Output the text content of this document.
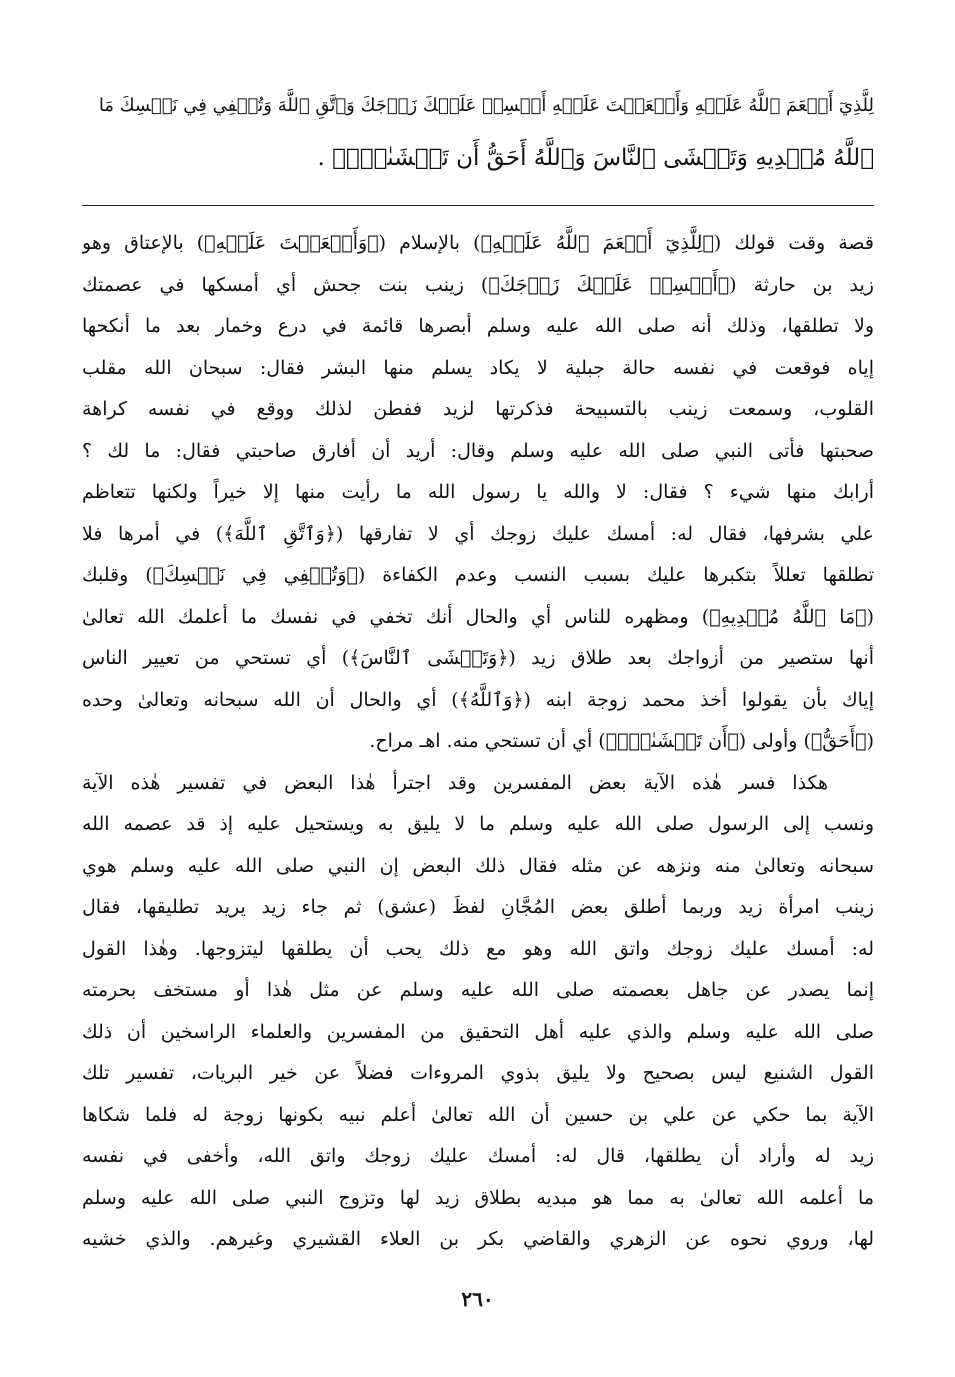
لِلَّذِيٓ أَنۡعَمَ ٱللَّهُ عَلَيۡهِ وَأَنۡعَمۡتَ عَلَيۡهِ أَمۡسِكۡ عَلَيۡكَ زَوۡجَكَ وَٱتَّقِ ٱللَّهَ وَتُخۡفِي فِي نَفۡسِكَ مَا
ٱللَّهُ مُبۡدِيهِ وَتَخۡشَى ٱلنَّاسَ وَٱللَّهُ أَحَقُّ أَن تَخۡشَىٰهُۖ﴾ .
قصة وقت قولك (﴿لِلَّذِيٓ أَنۡعَمَ ٱللَّهُ عَلَيۡهِ﴾) بالإسلام (﴿وَأَنۡعَمۡتَ عَلَيۡهِ﴾) بالإعتاق وهو
زيد بن حارثة (﴿أَمۡسِكۡ عَلَيۡكَ زَوۡجَكَ﴾) زينب بنت جحش أي أمسكها في عصمتك
ولا تطلقها، وذلك أنه صلى الله عليه وسلم أبصرها قائمة في درع وخمار بعد ما أنكحها
إياه فوقعت في نفسه حالة جبلية لا يكاد يسلم منها البشر فقال: سبحان الله مقلب
القلوب، وسمعت زينب بالتسبيحة فذكرتها لزيد ففطن لذلك ووقع في نفسه كراهة
صحبتها فأتى النبي صلى الله عليه وسلم وقال: أريد أن أفارق صاحبتي فقال: ما لك ؟
أرابك منها شيء ؟ فقال: لا والله يا رسول الله ما رأيت منها إلا خيراً ولكنها تتعاظم
علي بشرفها، فقال له: أمسك عليك زوجك أي لا تفارقها (﴿وَٱتَّقِ ٱللَّهَ﴾) في أمرها فلا
تطلقها تعللاً بتكبرها عليك بسبب النسب وعدم الكفاءة (﴿وَتُخۡفِي فِي نَفۡسِكَ﴾) وقلبك
(﴿مَا ٱللَّهُ مُبۡدِيهِ﴾) ومظهره للناس أي والحال أنك تخفي في نفسك ما أعلمك الله تعالىٰ
أنها ستصير من أزواجك بعد طلاق زيد (﴿وَتَخۡشَى ٱلنَّاسَ﴾) أي تستحي من تعيير الناس
إياك بأن يقولوا أخذ محمد زوجة ابنه (﴿وَٱللَّهُ﴾) أي والحال أن الله سبحانه وتعالىٰ وحده
(﴿أَحَقُّ﴾) وأولى (﴿أَن تَخۡشَىٰهُۖ﴾) أي أن تستحي منه. اهـ مراح.
هكذا فسر هٰذه الآية بعض المفسرين وقد اجترأ هٰذا البعض في تفسير هٰذه الآية
ونسب إلى الرسول صلى الله عليه وسلم ما لا يليق به ويستحيل عليه إذ قد عصمه الله
سبحانه وتعالىٰ منه ونزهه عن مثله فقال ذلك البعض إن النبي صلى الله عليه وسلم هوي
زينب امرأة زيد وربما أطلق بعض المُجَّانِ لفظَ (عشق) ثم جاء زيد يريد تطليقها، فقال
له: أمسك عليك زوجك واتق الله وهو مع ذلك يحب أن يطلقها ليتزوجها. وهٰذا القول
إنما يصدر عن جاهل بعصمته صلى الله عليه وسلم عن مثل هٰذا أو مستخف بحرمته
صلى الله عليه وسلم والذي عليه أهل التحقيق من المفسرين والعلماء الراسخين أن ذلك
القول الشنيع ليس بصحيح ولا يليق بذوي المروءات فضلاً عن خير البريات، تفسير تلك
الآية بما حكي عن علي بن حسين أن الله تعالىٰ أعلم نبيه بكونها زوجة له فلما شكاها
زيد له وأراد أن يطلقها، قال له: أمسك عليك زوجك واتق الله، وأخفى في نفسه
ما أعلمه الله تعالىٰ به مما هو مبديه بطلاق زيد لها وتزوج النبي صلى الله عليه وسلم
لها، وروي نحوه عن الزهري والقاضي بكر بن العلاء القشيري وغيرهم. والذي خشيه
٢٦٠
